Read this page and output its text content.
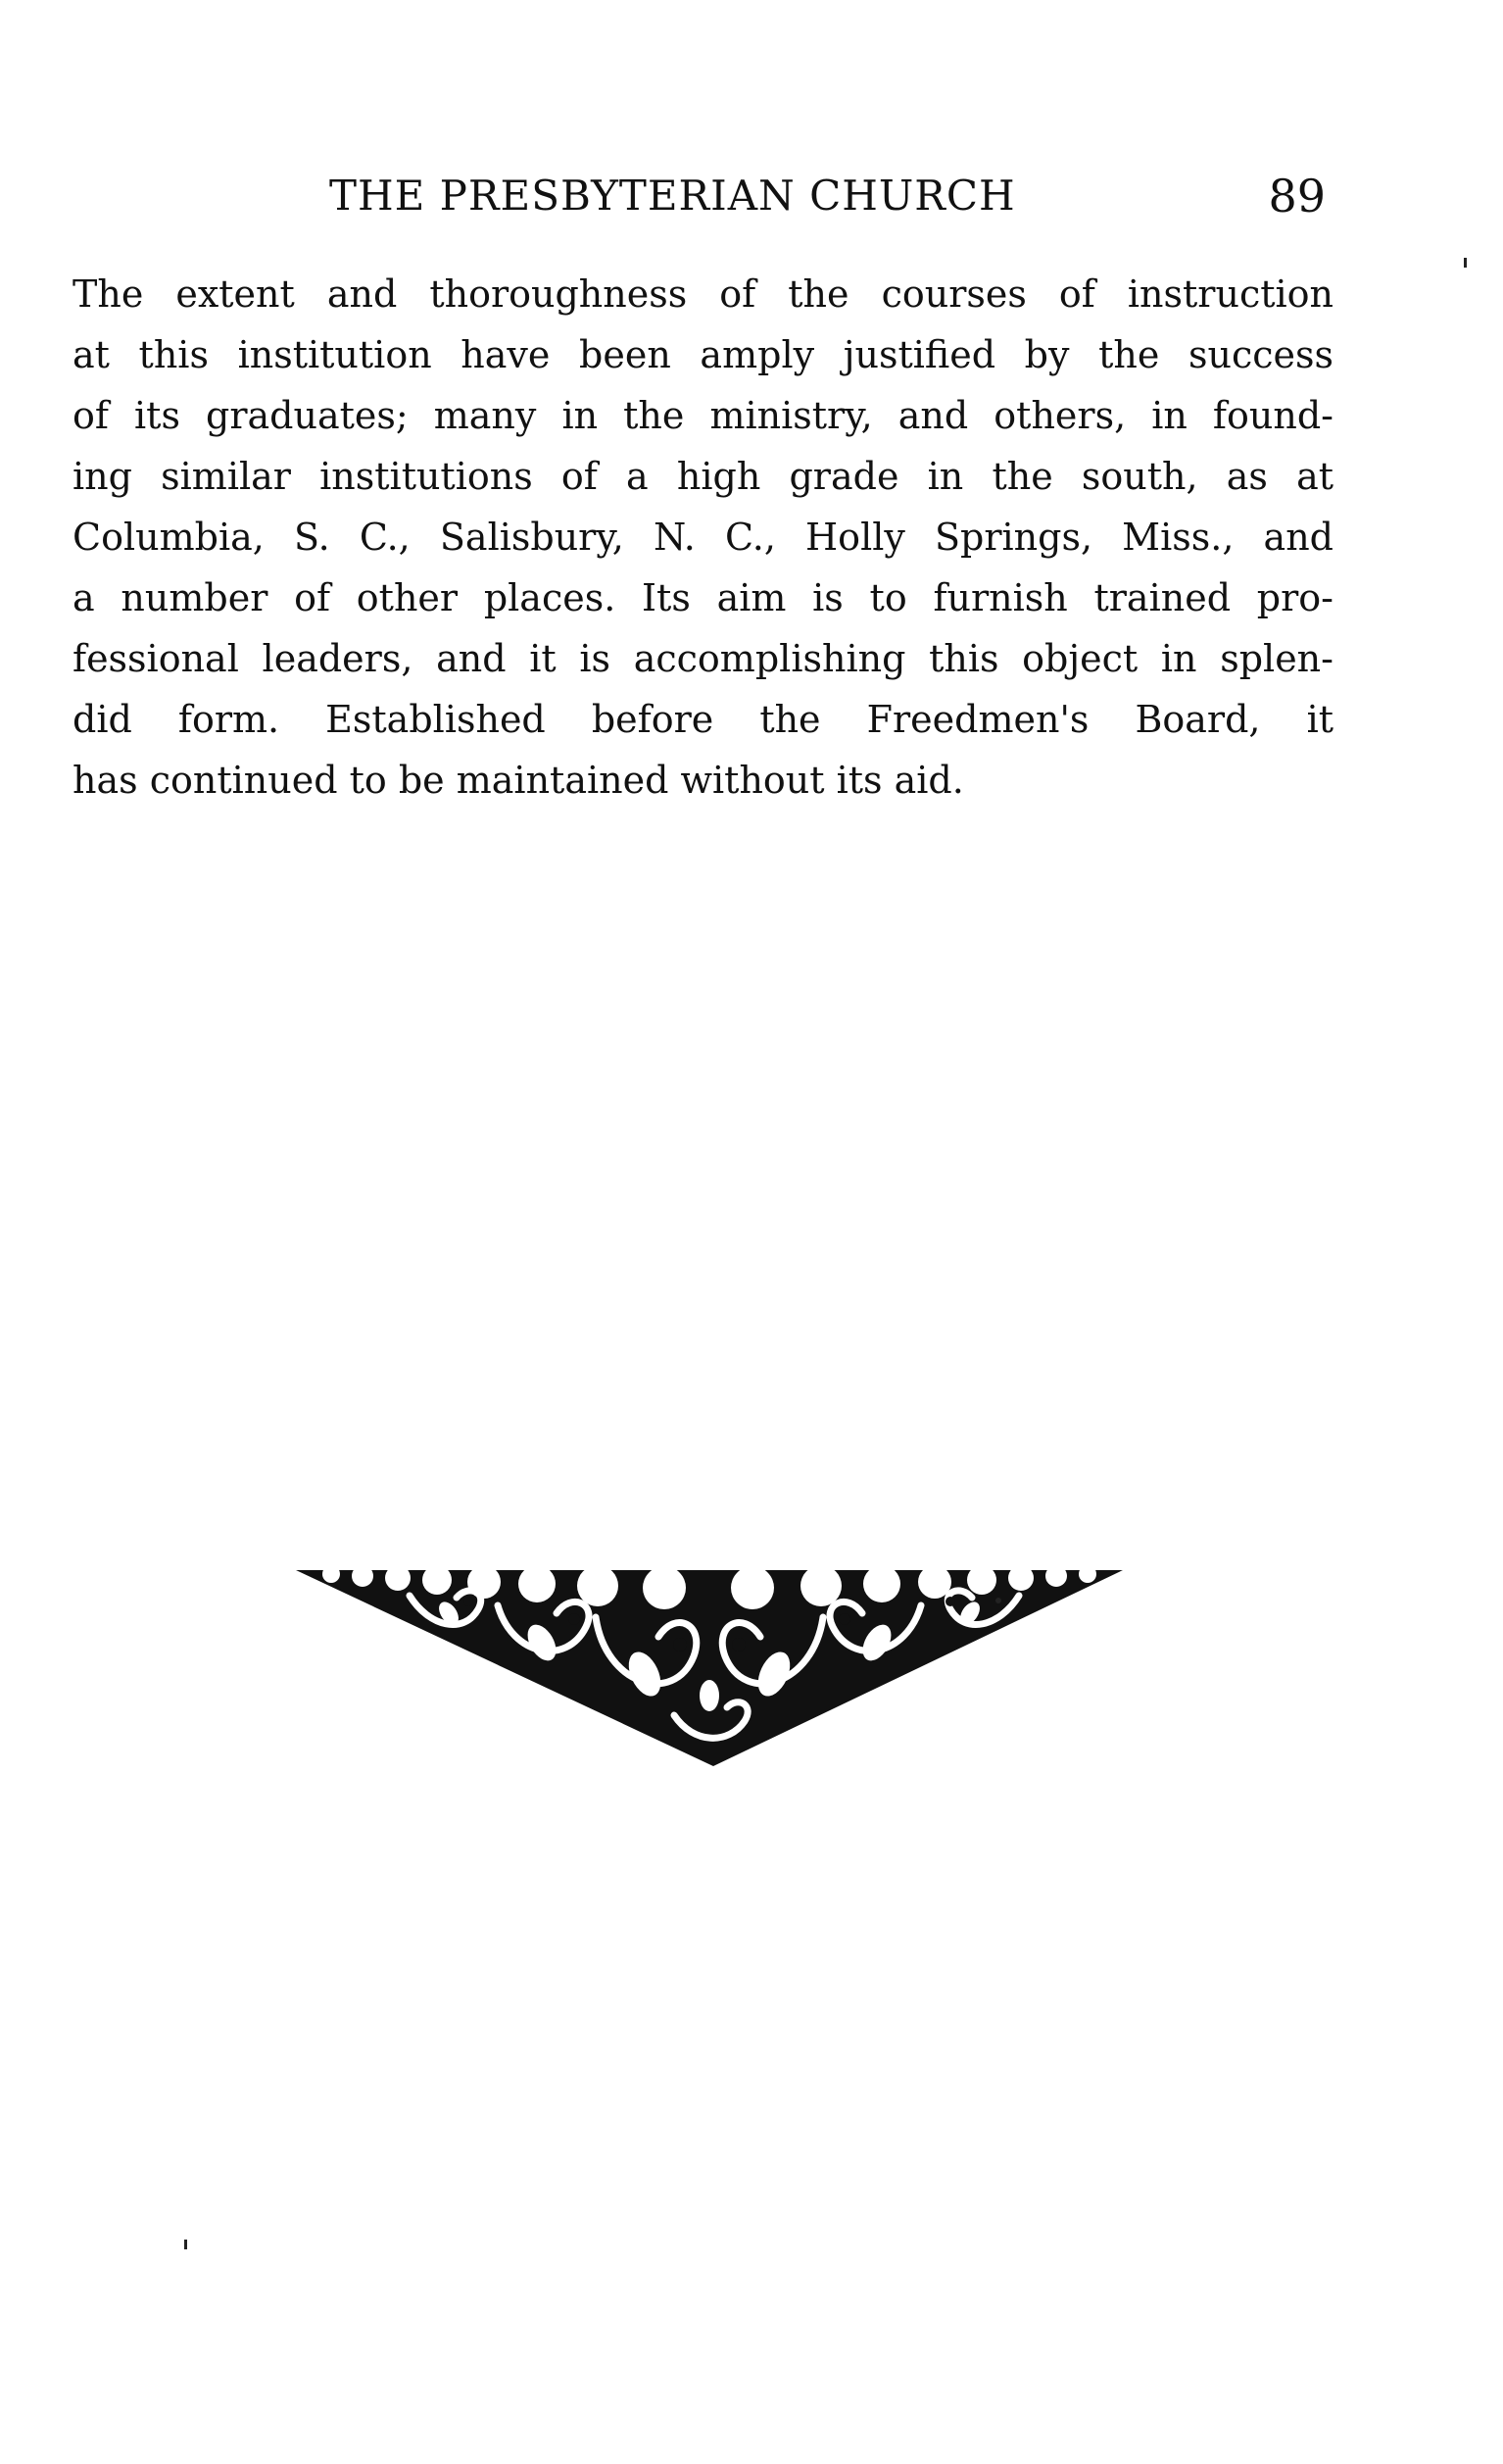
THE PRESBYTERIAN CHURCH	89
The extent and thoroughness of the courses of instruction
at this institution have been amply justified by the success
of its graduates; many in the ministry, and others, in found-
ing similar institutions of a high grade in the south, as at
Columbia, S. C., Salisbury, N. C., Holly Springs, Miss., and
a number of other places. Its aim is to furnish trained pro-
fessional leaders, and it is accomplishing this object in splen-
did form. Established before the Freedmen's Board, it
has continued to be maintained without its aid.
